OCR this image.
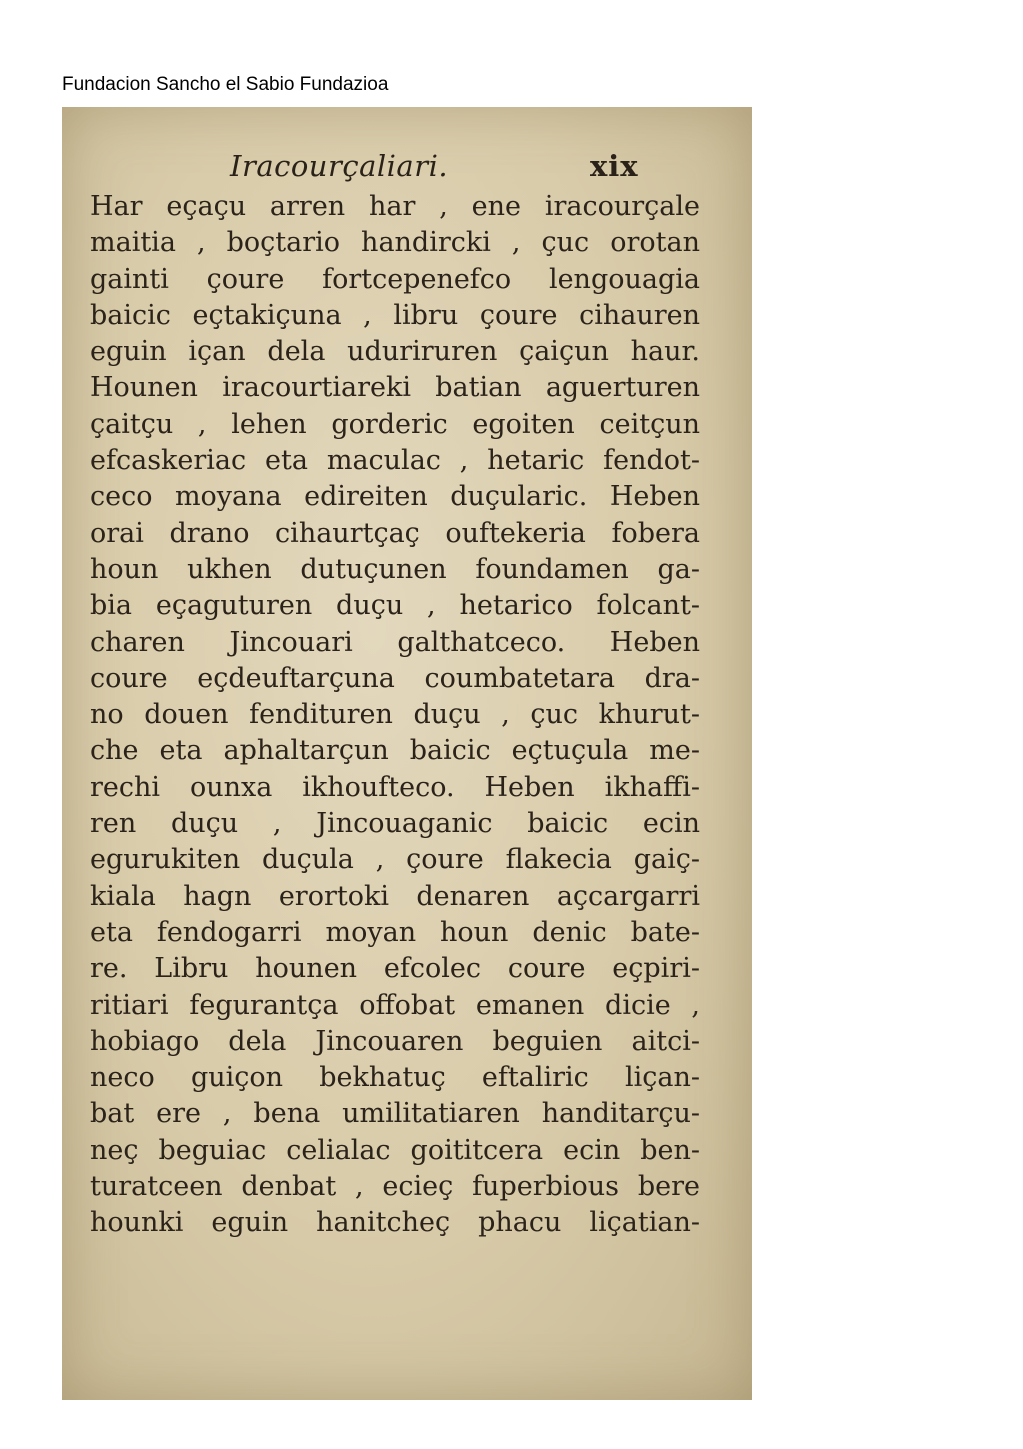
Fundacion Sancho el Sabio Fundazioa
Iracourçaliari.	xix
Har eçaçu arren har , ene iracourçale
maitia , boçtario handircki , çuc orotan
gainti çoure fortcepenefco lengouagia
baicic eçtakiçuna , libru çoure cihauren
eguin içan dela uduriruren çaiçun haur.
Hounen iracourtiareki batian aguerturen
çaitçu , lehen gorderic egoiten ceitçun
efcaskeriac eta maculac , hetaric fendot-
ceco moyana edireiten duçularic. Heben
orai drano cihaurtçaç ouftekeria fobera
houn ukhen dutuçunen foundamen ga-
bia eçaguturen duçu , hetarico folcant-
charen Jincouari galthatceco. Heben
coure eçdeuftarçuna coumbatetara dra-
no douen fendituren duçu , çuc khurut-
che eta aphaltarçun baicic eçtuçula me-
rechi ounxa ikhoufteco. Heben ikhaffi-
ren duçu , Jincouaganic baicic ecin
egurukiten duçula , çoure flakecia gaiç-
kiala hagn erortoki denaren açcargarri
eta fendogarri moyan houn denic bate-
re. Libru hounen efcolec coure eçpiri-
ritiari fegurantça offobat emanen dicie ,
hobiago dela Jincouaren beguien aitci-
neco guiçon bekhatuç eftaliric liçan-
bat ere , bena umilitatiaren handitarçu-
neç beguiac celialac goititcera ecin ben-
turatceen denbat , ecieç fuperbious bere
hounki eguin hanitcheç phacu liçatian-
